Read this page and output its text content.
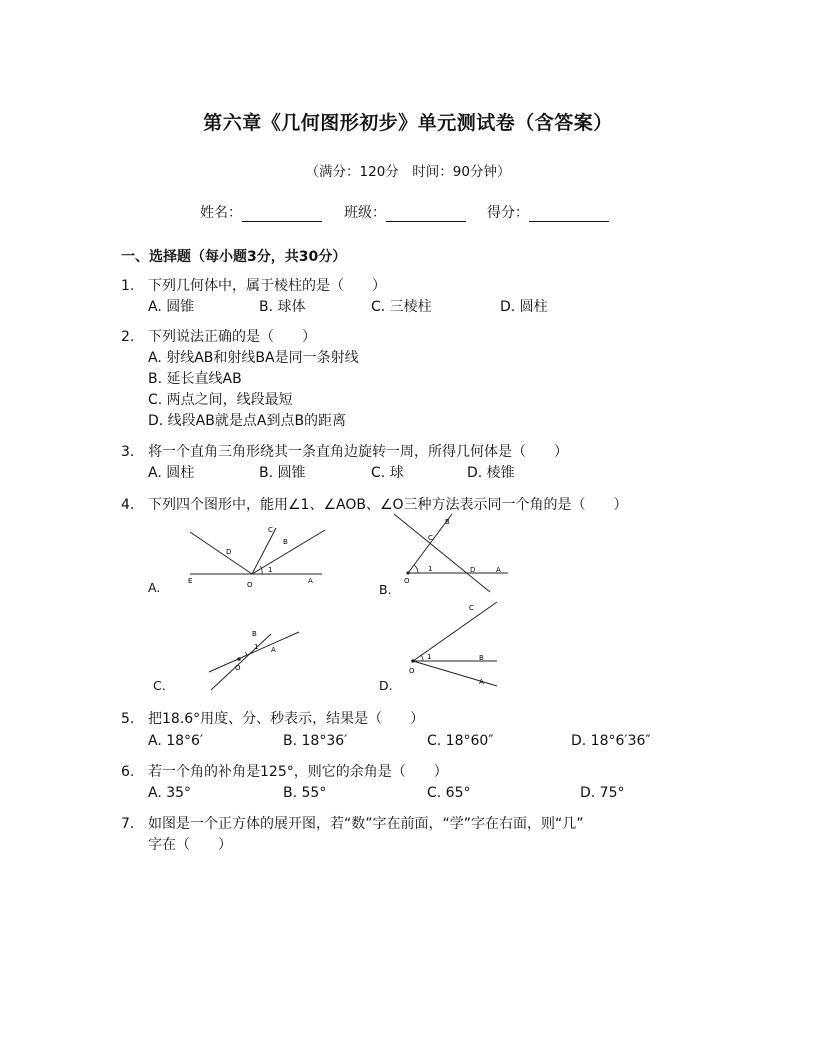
第六章《几何图形初步》单元测试卷（含答案）
（满分：120分　时间：90分钟）
姓名：	班级：	得分：
一、选择题（每小题3分，共30分）
1. 下列几何体中，属于棱柱的是（　　）
A. 圆锥	B. 球体	C. 三棱柱	D. 圆柱
2. 下列说法正确的是（　　）
A. 射线AB和射线BA是同一条射线
B. 延长直线AB
C. 两点之间，线段最短
D. 线段AB就是点A到点B的距离
3. 将一个直角三角形绕其一条直角边旋转一周，所得几何体是（　　）
A. 圆柱	B. 圆锥	C. 球	D. 棱锥
4. 下列四个图形中，能用∠1、∠AOB、∠O三种方法表示同一个角的是（　　）
A.
C
B
D
1
E	O	A
B.
B
C
1
O
D	A
C.
B
1 A
O
D.
C
1	B
O
A
5. 把18.6°用度、分、秒表示，结果是（　　）
A. 18°6′	B. 18°36′	C. 18°60″	D. 18°6′36″
6. 若一个角的补角是125°，则它的余角是（　　）
A. 35°	B. 55°	C. 65°	D. 75°
7. 如图是一个正方体的展开图，若“数”字在前面，“学”字在右面，则“几”
字在（　　）
